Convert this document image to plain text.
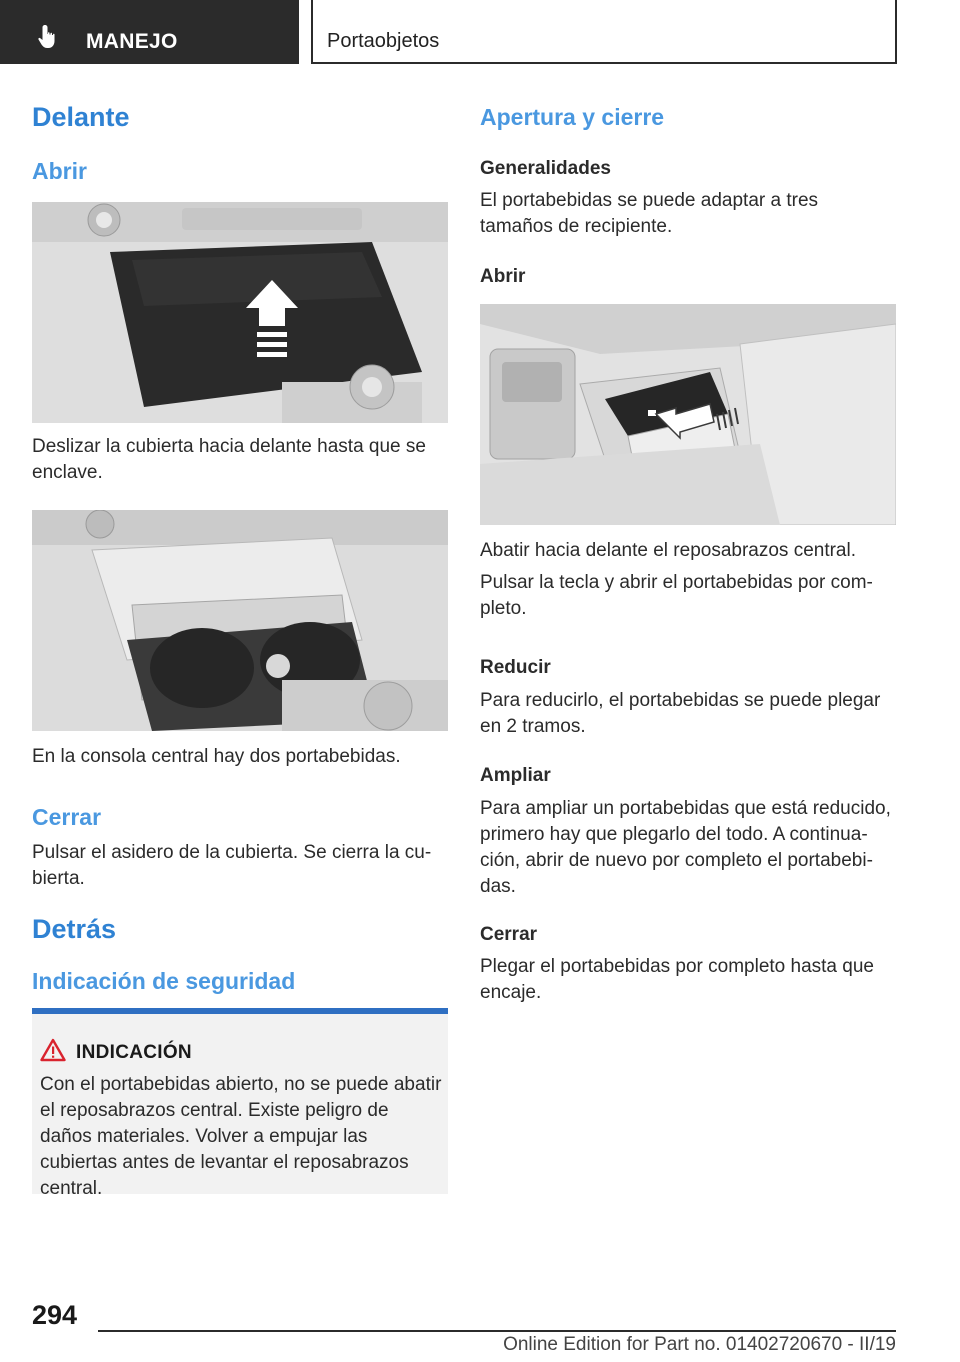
MANEJO	Portaobjetos
Delante
Abrir

Deslizar la cubierta hacia delante hasta que se enclave.

En la consola central hay dos portabebidas.

Cerrar

Pulsar el asidero de la cubierta. Se cierra la cu-bierta.

Detrás
Indicación de seguridad
INDICACIÓN

Con el portabebidas abierto, no se puede abatir el reposabrazos central. Existe peligro de daños materiales. Volver a empujar las cubiertas antes de levantar el reposabrazos central.

Apertura y cierre
Generalidades

El portabebidas se puede adaptar a tres tamaños de recipiente.

Abrir

Abatir hacia delante el reposabrazos central.

Pulsar la tecla y abrir el portabebidas por com-pleto.

Reducir

Para reducirlo, el portabebidas se puede plegar en 2 tramos.

Ampliar

Para ampliar un portabebidas que está reducido, primero hay que plegarlo del todo. A continua-ción, abrir de nuevo por completo el portabebi-das.

Cerrar

Plegar el portabebidas por completo hasta que encaje.

294
Online Edition for Part no. 01402720670 - II/19
